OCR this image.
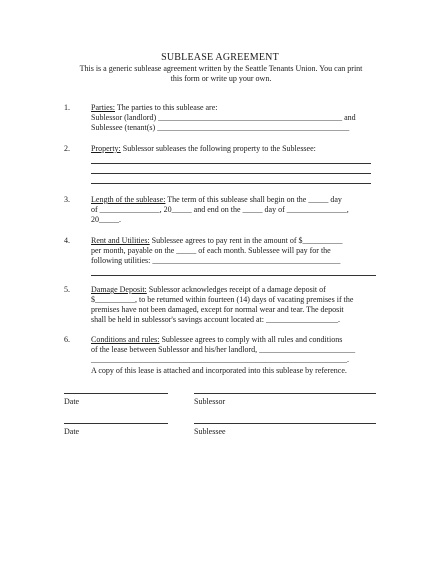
SUBLEASE AGREEMENT
This is a generic sublease agreement written by the Seattle Tenants Union. You can print
this form or write up your own.
1.	Parties: The parties to this sublease are:
Sublessor (landlord) ______________________________________________ and
Sublessee (tenant(s) ________________________________________________
2.	Property: Sublessor subleases the following property to the Sublessee:
3.	Length of the sublease: The term of this sublease shall begin on the _____ day
of _______________, 20_____ and end on the _____ day of _______________,
20_____.
4.	Rent and Utilities: Sublessee agrees to pay rent in the amount of $__________
per month, payable on the _____ of each month. Sublessee will pay for the
following utilities: _______________________________________________
5.	Damage Deposit: Sublessor acknowledges receipt of a damage deposit of
$__________, to be returned within fourteen (14) days of vacating premises if the
premises have not been damaged, except for normal wear and tear. The deposit
shall be held in sublessor's savings account located at: __________________.
6.	Conditions and rules: Sublessee agrees to comply with all rules and conditions
of the lease between Sublessor and his/her landlord, ________________________
________________________________________________________________.
A copy of this lease is attached and incorporated into this sublease by reference.
Date	Sublessor
Date	Sublessee
